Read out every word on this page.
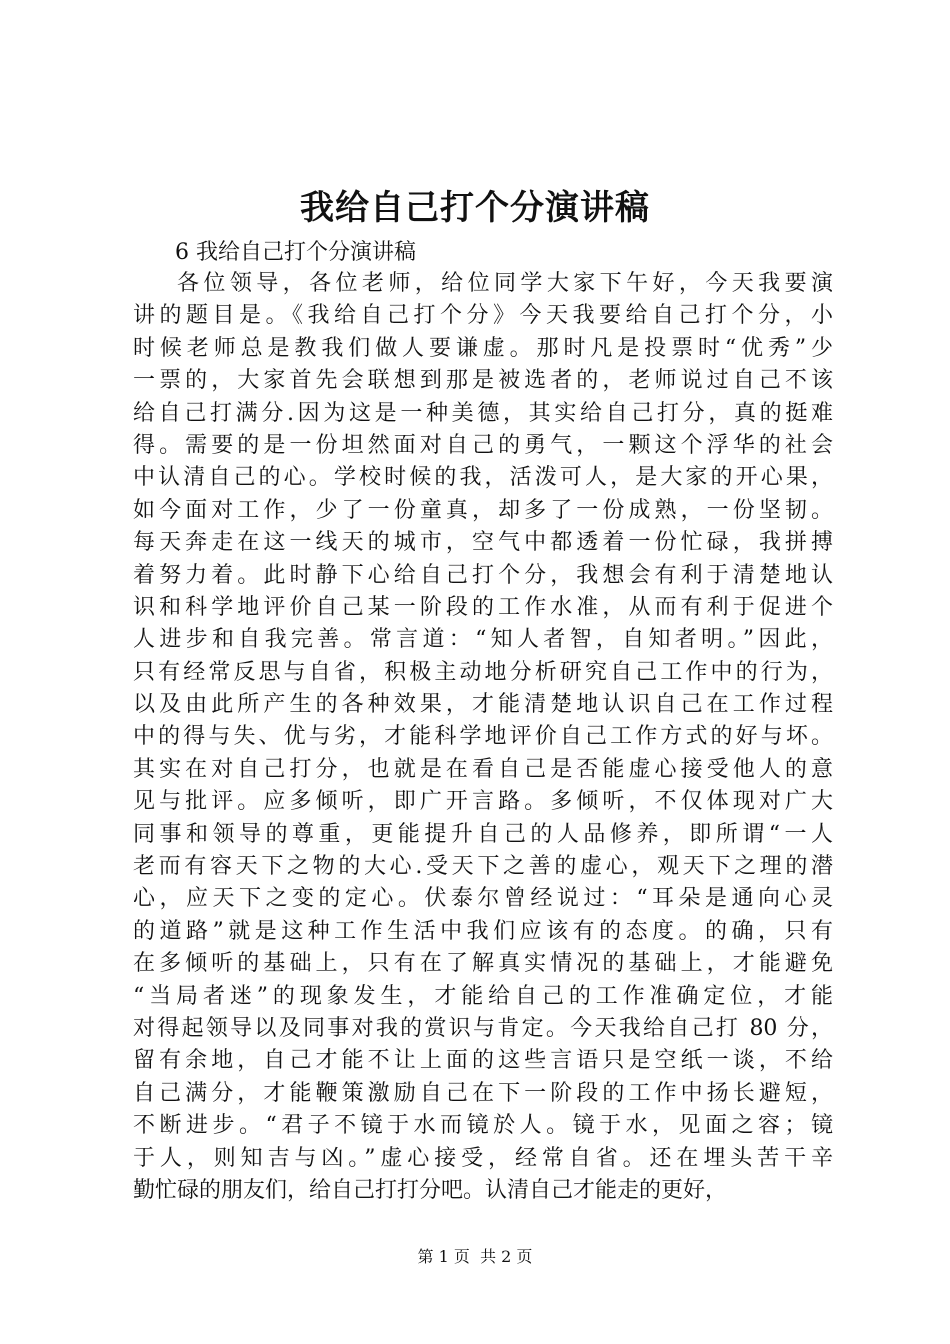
我给自己打个分演讲稿
6 我给自己打个分演讲稿
各位领导，各位老师，给位同学大家下午好，今天我要演
讲的题目是。《我给自己打个分》今天我要给自己打个分，小
时候老师总是教我们做人要谦虚。那时凡是投票时“优秀”少
一票的，大家首先会联想到那是被选者的，老师说过自己不该
给自己打满分.因为这是一种美德，其实给自己打分，真的挺难
得。需要的是一份坦然面对自己的勇气，一颗这个浮华的社会
中认清自己的心。学校时候的我，活泼可人，是大家的开心果，
如今面对工作，少了一份童真，却多了一份成熟，一份坚韧。
每天奔走在这一线天的城市，空气中都透着一份忙碌，我拼搏
着努力着。此时静下心给自己打个分，我想会有利于清楚地认
识和科学地评价自己某一阶段的工作水准，从而有利于促进个
人进步和自我完善。常言道：“知人者智，自知者明。”因此，
只有经常反思与自省，积极主动地分析研究自己工作中的行为，
以及由此所产生的各种效果，才能清楚地认识自己在工作过程
中的得与失、优与劣，才能科学地评价自己工作方式的好与坏。
其实在对自己打分，也就是在看自己是否能虚心接受他人的意
见与批评。应多倾听，即广开言路。多倾听，不仅体现对广大
同事和领导的尊重，更能提升自己的人品修养，即所谓“一人
老而有容天下之物的大心.受天下之善的虚心，观天下之理的潜
心，应天下之变的定心。伏泰尔曾经说过：“耳朵是通向心灵
的道路”就是这种工作生活中我们应该有的态度。的确，只有
在多倾听的基础上，只有在了解真实情况的基础上，才能避免
“当局者迷”的现象发生，才能给自己的工作准确定位，才能
对得起领导以及同事对我的赏识与肯定。今天我给自己打 80 分，
留有余地，自己才能不让上面的这些言语只是空纸一谈，不给
自己满分，才能鞭策激励自己在下一阶段的工作中扬长避短，
不断进步。“君子不镜于水而镜於人。镜于水，见面之容；镜
于人，则知吉与凶。”虚心接受，经常自省。还在埋头苦干辛
勤忙碌的朋友们，给自己打打分吧。认清自己才能走的更好，
第 1 页  共 2 页
